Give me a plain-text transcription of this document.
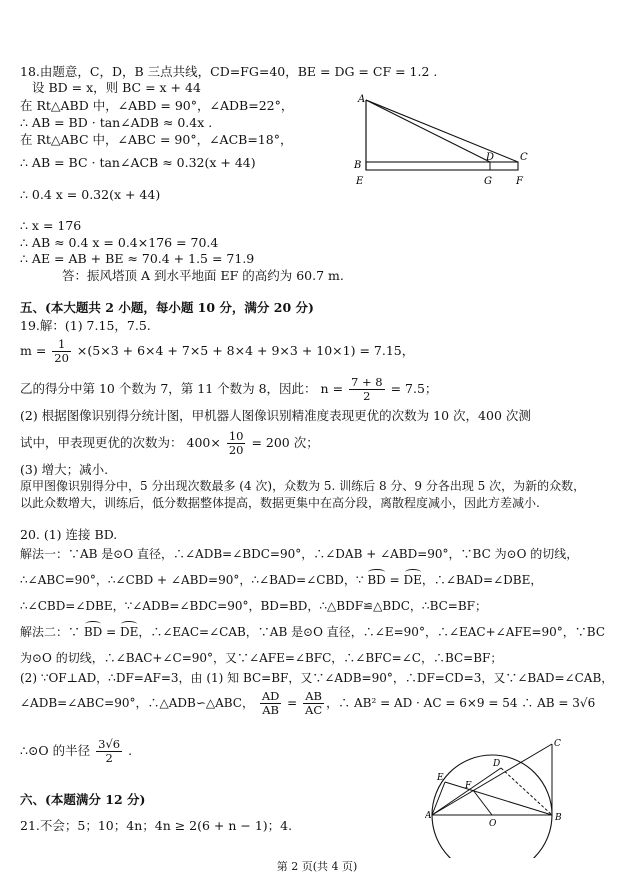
18.由题意，C，D，B 三点共线，CD=FG=40，BE = DG = CF = 1.2 .
设 BD = x，则 BC = x + 44
在 Rt△ABD 中，∠ABD = 90°，∠ADB=22°，
∴ AB = BD · tan∠ADB ≈ 0.4x .
在 Rt△ABC 中，∠ABC = 90°，∠ACB=18°，
∴ AB = BC · tan∠ACB ≈ 0.32(x + 44)
∴ 0.4 x = 0.32(x + 44)
∴ x = 176
∴ AB ≈ 0.4 x = 0.4×176 = 70.4
∴ AE = AB + BE ≈ 70.4 + 1.5 = 71.9
答：振风塔顶 A 到水平地面 EF 的高约为 60.7 m.
A
B
E
D	C
G F
五、(本大题共 2 小题，每小题 10 分，满分 20 分)
19.解：(1) 7.15，7.5.
$m = \frac{1}{20} \times(5\times 3 + 6\times 4 + 7\times 5 + 8\times 4 + 9\times 3 + 10\times 1) = 7.15$，
乙的得分中第 10 个数为 7，第 11 个数为 8，因此： $n = \frac{7 + 8}{2} = 7.5$；
(2) 根据图像识别得分统计图，甲机器人图像识别精准度表现更优的次数为 10 次，400 次测
试中，甲表现更优的次数为： $400\times \frac{10}{20} = 200$ 次；
(3) 增大；减小.
原甲图像识别得分中，5 分出现次数最多 (4 次)，众数为 5. 训练后 8 分、9 分各出现 5 次，为新的众数，
以此众数增大，训练后，低分数据整体提高，数据更集中在高分段，离散程度减小，因此方差减小.
20. (1) 连接 BD.
解法一：∵AB 是⊙O 直径，∴∠ADB=∠BDC=90°，∴∠DAB + ∠ABD=90°，∵BC 为⊙O 的切线，
∴∠ABC=90°，∴∠CBD + ∠ABD=90°，∴∠BAD=∠CBD，∵ BD = DE，∴∠BAD=∠DBE，
∴∠CBD=∠DBE，∵∠ADB=∠BDC=90°，BD=BD，∴△BDF≌△BDC，∴BC=BF；
解法二：∵ BD = DE，∴∠EAC=∠CAB，∵AB 是⊙O 直径，∴∠E=90°，∴∠EAC+∠AFE=90°，∵BC
为⊙O 的切线，∴∠BAC+∠C=90°，又∵∠AFE=∠BFC，∴∠BFC=∠C，∴BC=BF；
(2) ∵OF⊥AD，∴DF=AF=3，由 (1) 知 BC=BF，又∵∠ADB=90°，∴DF=CD=3，又∵∠BAD=∠CAB，
∠ADB=∠ABC=90°，∴△ADB∽△ABC， $\frac{AD}{AB} = \frac{AB}{AC}$ ，∴ AB² = AD · AC = 6×9 = 54 ∴ AB = 3√6
∴⊙O 的半径 $\frac{3√6}{2}$ .	C
D
E
F
A
O
B
六、(本题满分 12 分)
21.不会；5；10；4n；4n ≥ 2(6 + n − 1)；4.
第 2 页(共 4 页)
